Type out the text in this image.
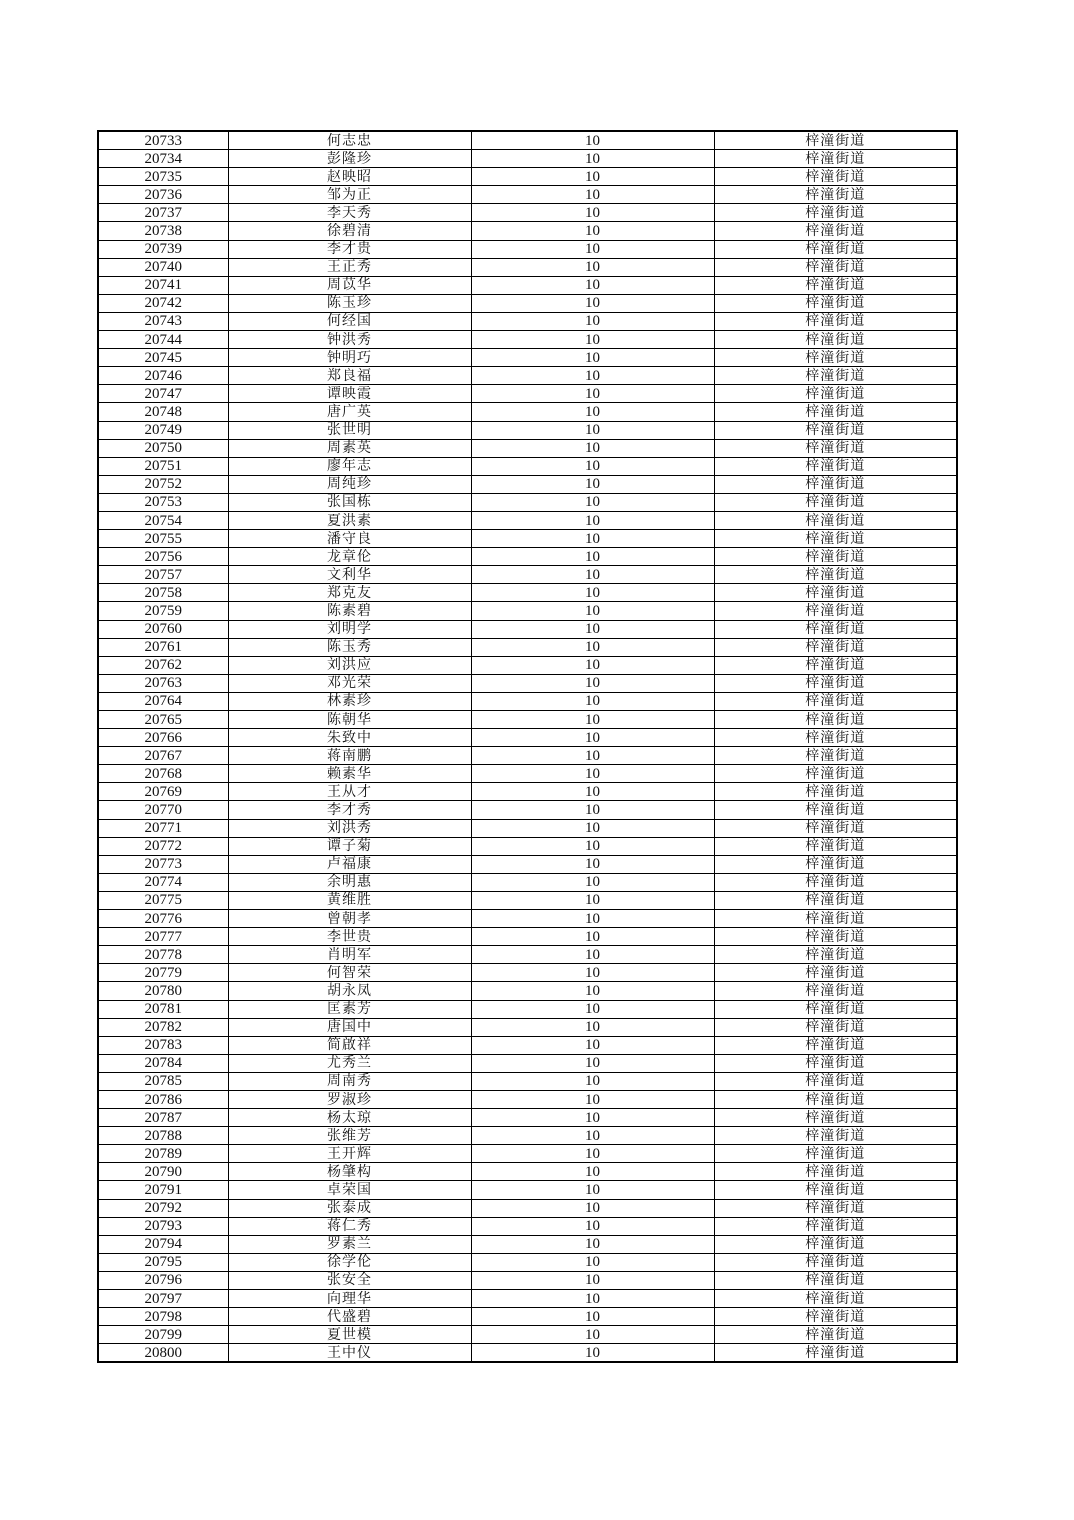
20733	何志忠	10	梓潼街道
20734	彭隆珍	10	梓潼街道
20735	赵映昭	10	梓潼街道
20736	邹为正	10	梓潼街道
20737	李天秀	10	梓潼街道
20738	徐碧清	10	梓潼街道
20739	李才贵	10	梓潼街道
20740	王正秀	10	梓潼街道
20741	周苡华	10	梓潼街道
20742	陈玉珍	10	梓潼街道
20743	何经国	10	梓潼街道
20744	钟洪秀	10	梓潼街道
20745	钟明巧	10	梓潼街道
20746	郑良福	10	梓潼街道
20747	谭映霞	10	梓潼街道
20748	唐广英	10	梓潼街道
20749	张世明	10	梓潼街道
20750	周素英	10	梓潼街道
20751	廖年志	10	梓潼街道
20752	周纯珍	10	梓潼街道
20753	张国栋	10	梓潼街道
20754	夏洪素	10	梓潼街道
20755	潘守良	10	梓潼街道
20756	龙章伦	10	梓潼街道
20757	文利华	10	梓潼街道
20758	郑克友	10	梓潼街道
20759	陈素碧	10	梓潼街道
20760	刘明学	10	梓潼街道
20761	陈玉秀	10	梓潼街道
20762	刘洪应	10	梓潼街道
20763	邓光荣	10	梓潼街道
20764	林素珍	10	梓潼街道
20765	陈朝华	10	梓潼街道
20766	朱致中	10	梓潼街道
20767	蒋南鹏	10	梓潼街道
20768	赖素华	10	梓潼街道
20769	王从才	10	梓潼街道
20770	李才秀	10	梓潼街道
20771	刘洪秀	10	梓潼街道
20772	谭子菊	10	梓潼街道
20773	卢福康	10	梓潼街道
20774	余明惠	10	梓潼街道
20775	黄维胜	10	梓潼街道
20776	曾朝孝	10	梓潼街道
20777	李世贵	10	梓潼街道
20778	肖明军	10	梓潼街道
20779	何智荣	10	梓潼街道
20780	胡永凤	10	梓潼街道
20781	匡素芳	10	梓潼街道
20782	唐国中	10	梓潼街道
20783	简啟祥	10	梓潼街道
20784	尤秀兰	10	梓潼街道
20785	周南秀	10	梓潼街道
20786	罗淑珍	10	梓潼街道
20787	杨太琼	10	梓潼街道
20788	张维芳	10	梓潼街道
20789	王开辉	10	梓潼街道
20790	杨肇构	10	梓潼街道
20791	卓荣国	10	梓潼街道
20792	张泰成	10	梓潼街道
20793	蒋仁秀	10	梓潼街道
20794	罗素兰	10	梓潼街道
20795	徐学伦	10	梓潼街道
20796	张安全	10	梓潼街道
20797	向理华	10	梓潼街道
20798	代盛碧	10	梓潼街道
20799	夏世模	10	梓潼街道
20800	王中仪	10	梓潼街道
